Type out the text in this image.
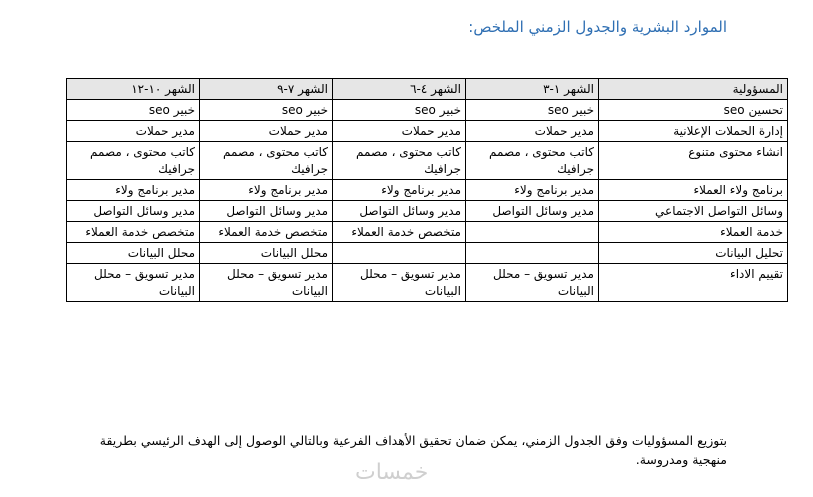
الموارد البشرية والجدول الزمني الملخص:
المسؤولية	الشهر ١-٣	الشهر ٤-٦	الشهر ٧-٩	الشهر ١٠-١٢
تحسين seo	خبير seo	خبير seo	خبير seo	خبير seo
إدارة الحملات الإعلانية	مدير حملات	مدير حملات	مدير حملات	مدير حملات
انشاء محتوى متنوع	كاتب محتوى ، مصمم جرافيك	كاتب محتوى ، مصمم جرافيك	كاتب محتوى ، مصمم جرافيك	كاتب محتوى ، مصمم جرافيك
برنامج ولاء العملاء	مدير برنامج ولاء	مدير برنامج ولاء	مدير برنامج ولاء	مدير برنامج ولاء
وسائل التواصل الاجتماعي	مدير وسائل التواصل	مدير وسائل التواصل	مدير وسائل التواصل	مدير وسائل التواصل
خدمة العملاء		متخصص خدمة العملاء	متخصص خدمة العملاء	متخصص خدمة العملاء
تحليل البيانات			محلل البيانات	محلل البيانات
تقييم الاداء	مدير تسويق – محلل البيانات	مدير تسويق – محلل البيانات	مدير تسويق – محلل البيانات	مدير تسويق – محلل البيانات

بتوزيع المسؤوليات وفق الجدول الزمني، يمكن ضمان تحقيق الأهداف الفرعية وبالتالي الوصول إلى الهدف الرئيسي بطريقة منهجية ومدروسة.

خمسات
